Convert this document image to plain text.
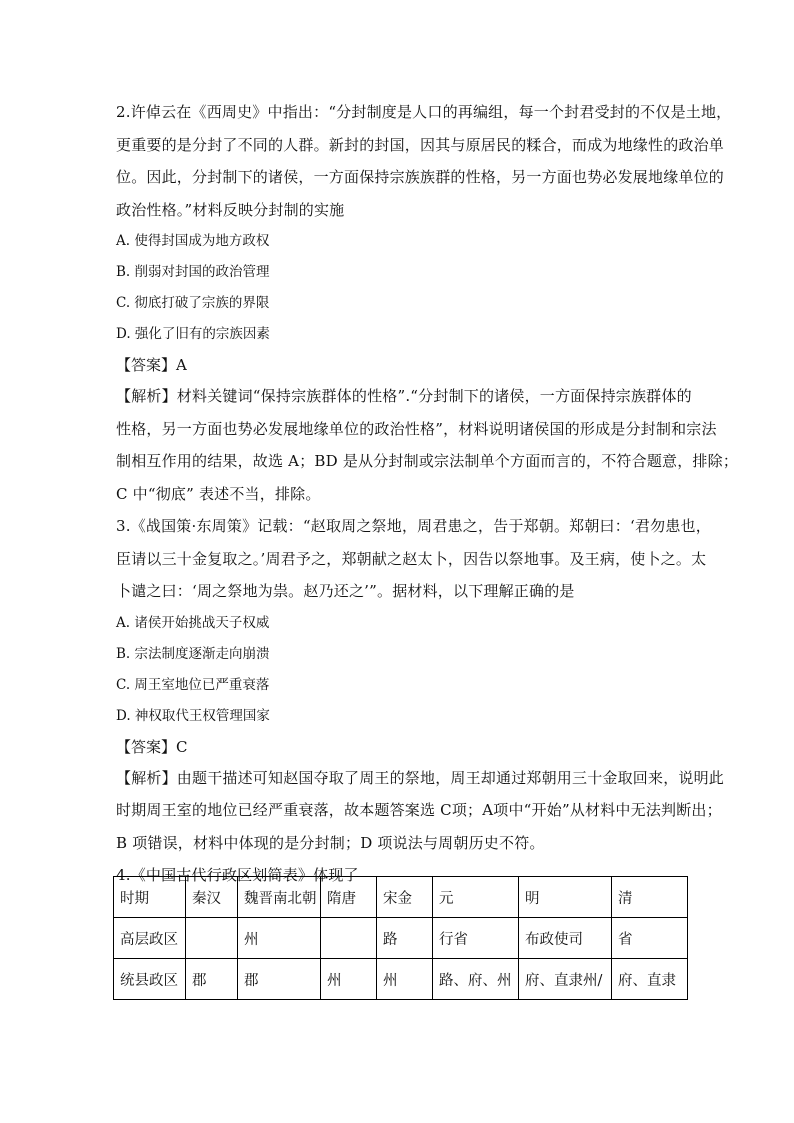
2.许倬云在《西周史》中指出：“分封制度是人口的再编组，每一个封君受封的不仅是土地，
更重要的是分封了不同的人群。新封的封国，因其与原居民的糅合，而成为地缘性的政治单
位。因此，分封制下的诸侯，一方面保持宗族族群的性格，另一方面也势必发展地缘单位的
政治性格。”材料反映分封制的实施
A. 使得封国成为地方政权
B. 削弱对封国的政治管理
C. 彻底打破了宗族的界限
D. 强化了旧有的宗族因素
【答案】A
【解析】材料关键词“保持宗族群体的性格”.“分封制下的诸侯，一方面保持宗族群体的
性格，另一方面也势必发展地缘单位的政治性格”，材料说明诸侯国的形成是分封制和宗法
制相互作用的结果，故选 A；BD 是从分封制或宗法制单个方面而言的，不符合题意，排除；
C 中“彻底” 表述不当，排除。
3.《战国策·东周策》记载：“赵取周之祭地，周君患之，告于郑朝。郑朝曰：‘君勿患也，
臣请以三十金复取之。’周君予之，郑朝献之赵太卜，因告以祭地事。及王病，使卜之。太
卜谴之曰：‘周之祭地为祟。赵乃还之’”。据材料，以下理解正确的是
A. 诸侯开始挑战天子权威
B. 宗法制度逐渐走向崩溃
C. 周王室地位已严重衰落
D. 神权取代王权管理国家
【答案】C
【解析】由题干描述可知赵国夺取了周王的祭地，周王却通过郑朝用三十金取回来，说明此
时期周王室的地位已经严重衰落，故本题答案选 C项；A项中“开始”从材料中无法判断出；
B 项错误，材料中体现的是分封制；D 项说法与周朝历史不符。
4.《中国古代行政区划简表》体现了
时期	秦汉	魏晋南北朝	隋唐	宋金	元	明	清
高层政区		州		路	行省	布政使司	省
统县政区	郡	郡	州	州	路、府、州	府、直隶州/	府、直隶
